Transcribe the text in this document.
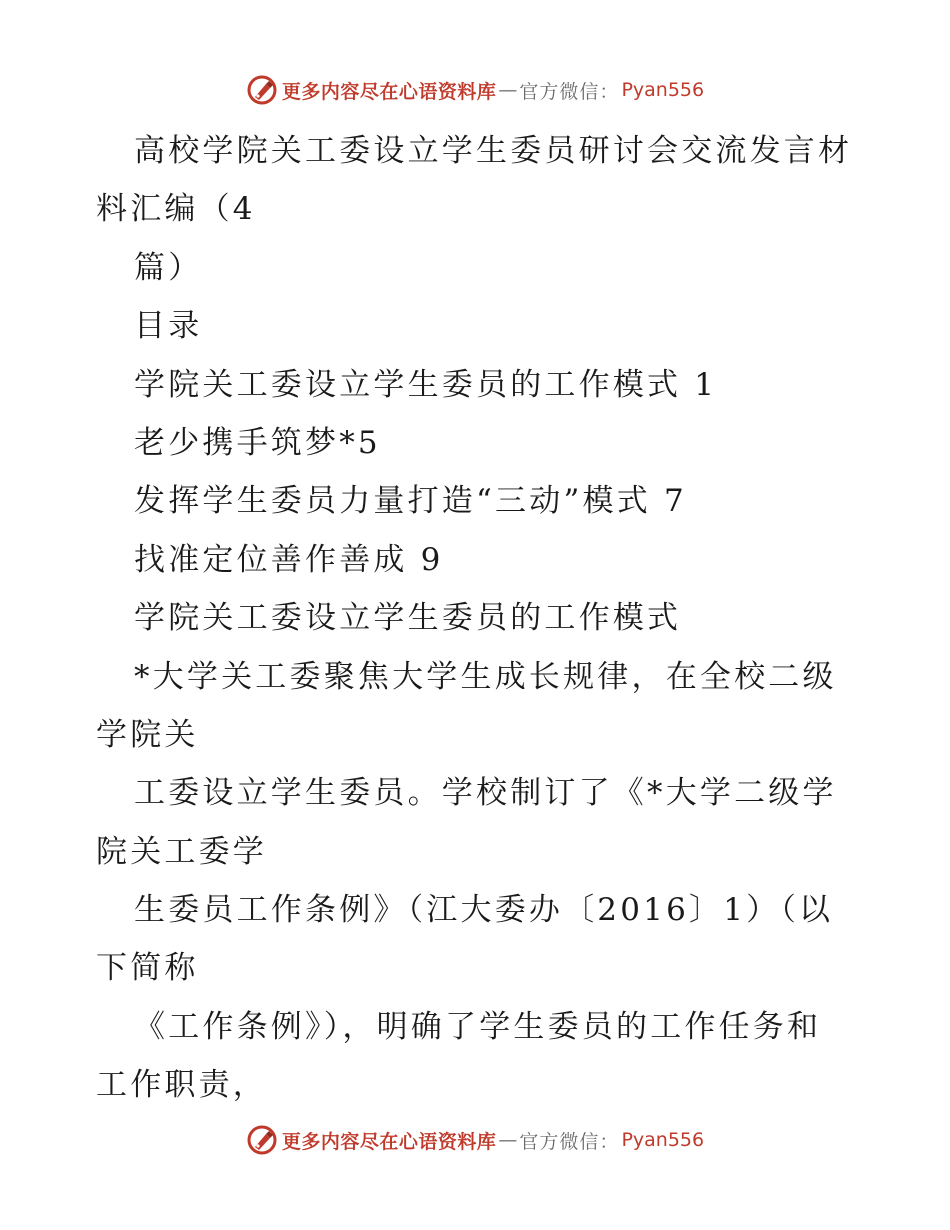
更多内容尽在心语资料库 — 官方微信： Pyan556
高校学院关工委设立学生委员研讨会交流发言材
料汇编（4
篇）
目录
学院关工委设立学生委员的工作模式 1
老少携手筑梦*5
发挥学生委员力量打造“三动”模式 7
找准定位善作善成 9
学院关工委设立学生委员的工作模式
*大学关工委聚焦大学生成长规律，在全校二级
学院关
工委设立学生委员。学校制订了《*大学二级学
院关工委学
生委员工作条例》（江大委办〔2016〕1）（以
下简称
《工作条例》），明确了学生委员的工作任务和
工作职责，
更多内容尽在心语资料库 — 官方微信： Pyan556
